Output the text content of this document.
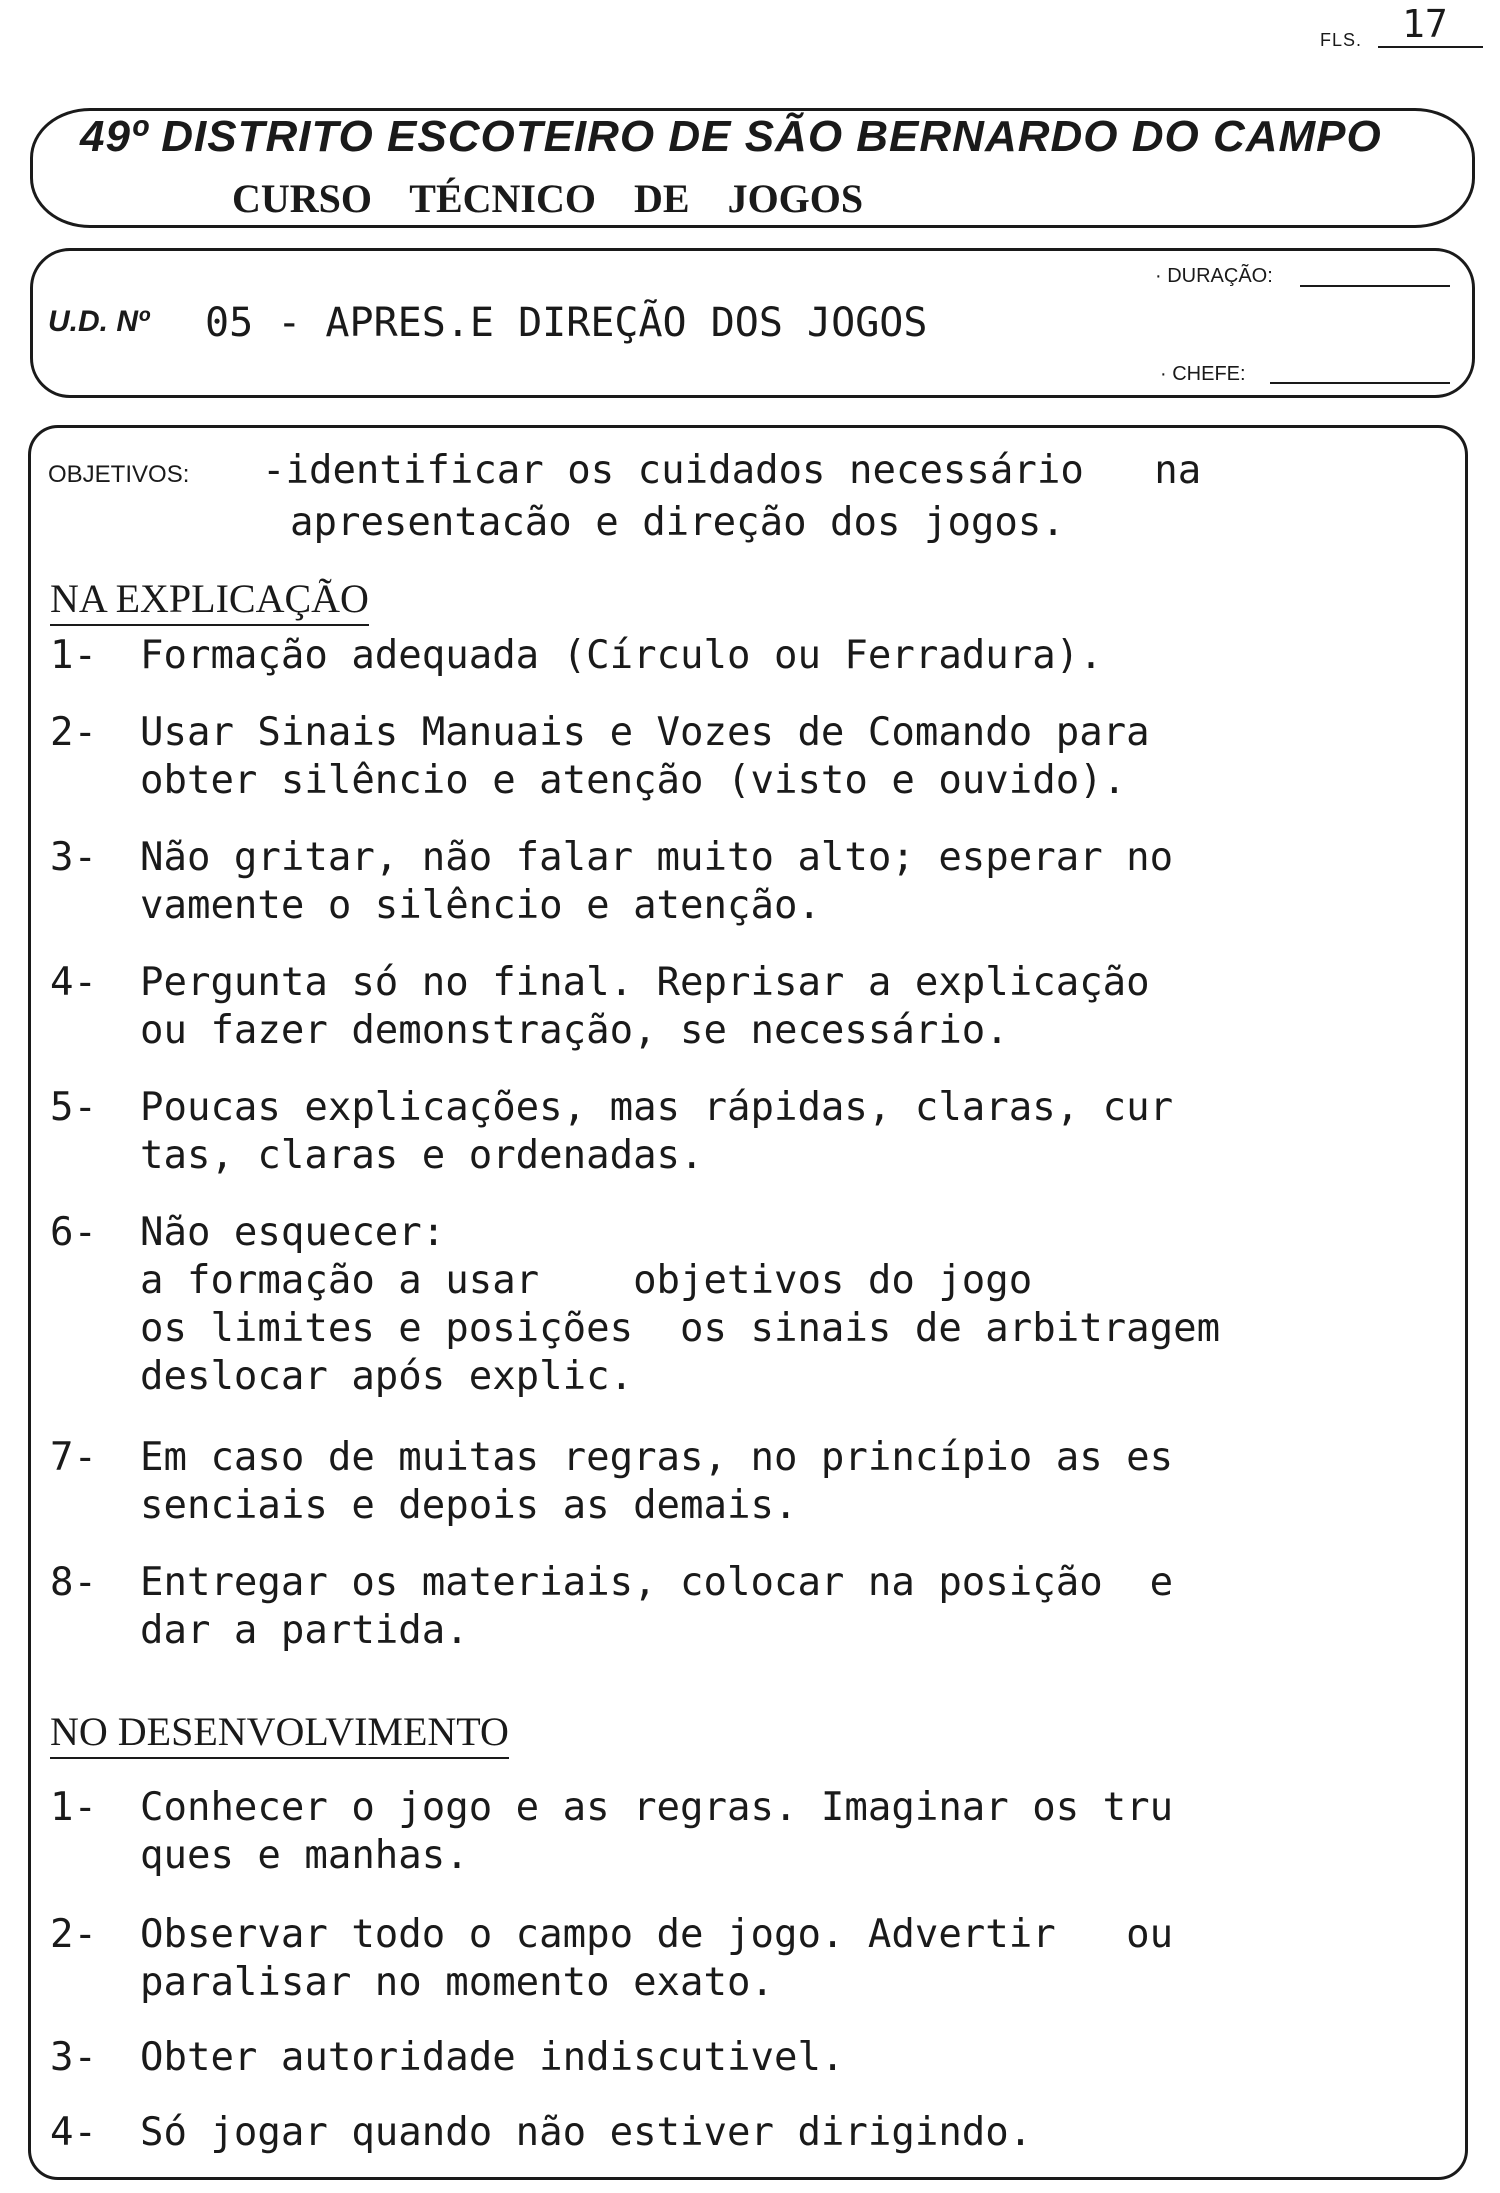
FLS. 17
49º DISTRITO ESCOTEIRO DE SÃO BERNARDO DO CAMPO
CURSO TÉCNICO DE JOGOS
U.D. Nº 05 - APRES.E DIREÇÃO DOS JOGOS
· DURAÇÃO:
· CHEFE:
OBJETIVOS: -identificar os cuidados necessário   na
apresentacão e direção dos jogos.
NA EXPLICAÇÃO
1- Formação adequada (Círculo ou Ferradura).
2- Usar Sinais Manuais e Vozes de Comando para
obter silêncio e atenção (visto e ouvido).
3- Não gritar, não falar muito alto; esperar no
vamente o silêncio e atenção.
4- Pergunta só no final. Reprisar a explicação
ou fazer demonstração, se necessário.
5- Poucas explicações, mas rápidas, claras, cur
tas, claras e ordenadas.
6- Não esquecer:
a formação a usar    objetivos do jogo
os limites e posições  os sinais de arbitragem
deslocar após explic.
7- Em caso de muitas regras, no princípio as es
senciais e depois as demais.
8- Entregar os materiais, colocar na posição  e
dar a partida.
NO DESENVOLVIMENTO
1- Conhecer o jogo e as regras. Imaginar os tru
ques e manhas.
2- Observar todo o campo de jogo. Advertir   ou
paralisar no momento exato.
3- Obter autoridade indiscutivel.
4- Só jogar quando não estiver dirigindo.
